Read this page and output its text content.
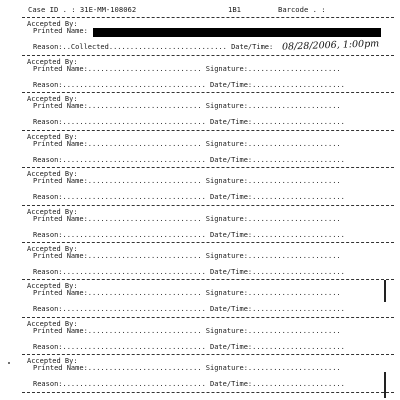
Case ID . : 31E-MM-108062	1B1	Barcode . :
Accepted By:
Printed Name:
Reason:..Collected............................ Date/Time: 08/28/2006, 1:00pm
Accepted By:
Printed Name:........................... Signature:......................
Reason:.................................. Date/Time:......................
Accepted By:
Printed Name:........................... Signature:......................
Reason:.................................. Date/Time:......................
Accepted By:
Printed Name:........................... Signature:......................
Reason:.................................. Date/Time:......................
Accepted By:
Printed Name:........................... Signature:......................
Reason:.................................. Date/Time:......................
Accepted By:
Printed Name:........................... Signature:......................
Reason:.................................. Date/Time:......................
Accepted By:
Printed Name:........................... Signature:......................
Reason:.................................. Date/Time:......................
Accepted By:
Printed Name:........................... Signature:......................
Reason:.................................. Date/Time:......................
Accepted By:
Printed Name:........................... Signature:......................
Reason:.................................. Date/Time:......................
Accepted By:
Printed Name:........................... Signature:......................
Reason:.................................. Date/Time:......................
